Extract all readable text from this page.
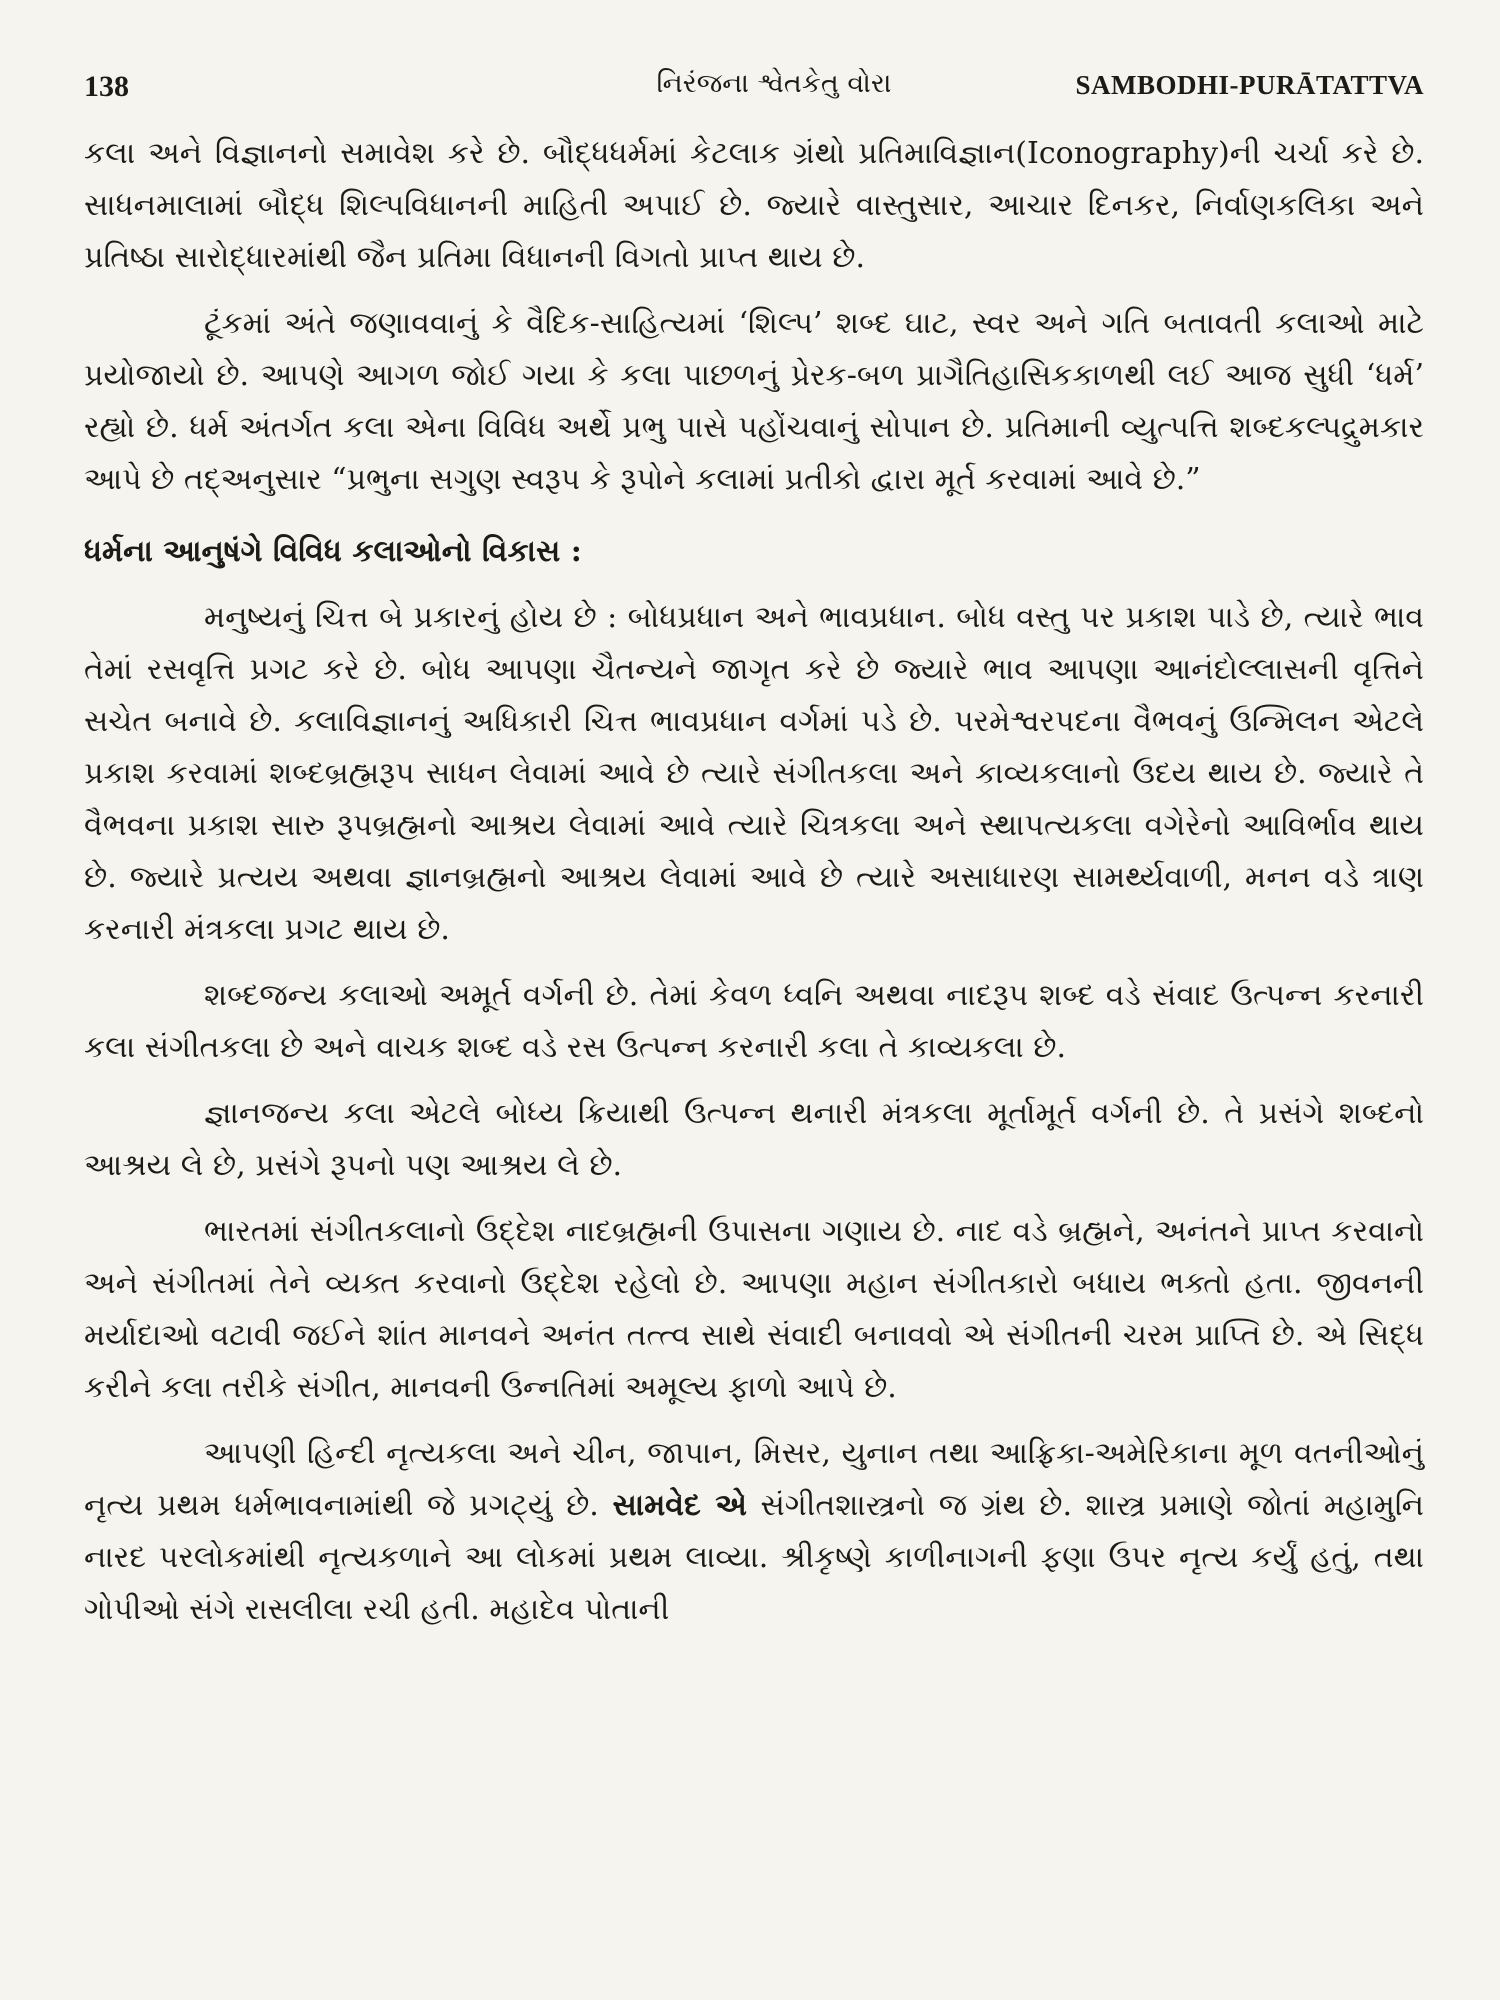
138	નિરંજના શ્વેતકેતુ વોરા	SAMBODHI-PURĀTATTVA

કલા અને વિજ્ઞાનનો સમાવેશ કરે છે. બૌદ્ધધર્મમાં કેટલાક ગ્રંથો પ્રતિમાવિજ્ઞાન(Iconography)ની ચર્ચા કરે છે. સાધનમાલામાં બૌદ્ધ શિલ્પવિધાનની માહિતી અપાઈ છે. જ્યારે વાસ્તુસાર, આચાર દિનકર, નિર્વાણકલિકા અને પ્રતિષ્ઠા સારોદ્ધારમાંથી જૈન પ્રતિમા વિધાનની વિગતો પ્રાપ્ત થાય છે.

ટૂંકમાં અંતે જણાવવાનું કે વૈદિક-સાહિત્યમાં ‘શિલ્પ’ શબ્દ ઘાટ, સ્વર અને ગતિ બતાવતી કલાઓ માટે પ્રયોજાયો છે. આપણે આગળ જોઈ ગયા કે કલા પાછળનું પ્રેરક-બળ પ્રાગૈતિહાસિકકાળથી લઈ આજ સુધી ‘ધર્મ’ રહ્યો છે. ધર્મ અંતર્ગત કલા એના વિવિધ અર્થે પ્રભુ પાસે પહોંચવાનું સોપાન છે. પ્રતિમાની વ્યુત્પત્તિ શબ્દકલ્પદ્રુમકાર આપે છે તદ્અનુસાર “પ્રભુના સગુણ સ્વરૂપ કે રૂપોને કલામાં પ્રતીકો દ્વારા મૂર્ત કરવામાં આવે છે.”

ધર્મના આનુષંગે વિવિધ કલાઓનો વિકાસ :

મનુષ્યનું ચિત્ત બે પ્રકારનું હોય છે : બોધપ્રધાન અને ભાવપ્રધાન. બોધ વસ્તુ પર પ્રકાશ પાડે છે, ત્યારે ભાવ તેમાં રસવૃત્તિ પ્રગટ કરે છે. બોધ આપણા ચૈતન્યને જાગૃત કરે છે જ્યારે ભાવ આપણા આનંદોલ્લાસની વૃત્તિને સચેત બનાવે છે. કલાવિજ્ઞાનનું અધિકારી ચિત્ત ભાવપ્રધાન વર્ગમાં પડે છે. પરમેશ્વરપદના વૈભવનું ઉન્મિલન એટલે પ્રકાશ કરવામાં શબ્દબ્રહ્મરૂપ સાધન લેવામાં આવે છે ત્યારે સંગીતકલા અને કાવ્યકલાનો ઉદય થાય છે. જ્યારે તે વૈભવના પ્રકાશ સારુ રૂપબ્રહ્મનો આશ્રય લેવામાં આવે ત્યારે ચિત્રકલા અને સ્થાપત્યકલા વગેરેનો આવિર્ભાવ થાય છે. જ્યારે પ્રત્યય અથવા જ્ઞાનબ્રહ્મનો આશ્રય લેવામાં આવે છે ત્યારે અસાધારણ સામર્થ્યવાળી, મનન વડે ત્રાણ કરનારી મંત્રકલા પ્રગટ થાય છે.

શબ્દજન્ય કલાઓ અમૂર્ત વર્ગની છે. તેમાં કેવળ ધ્વનિ અથવા નાદરૂપ શબ્દ વડે સંવાદ ઉત્પન્ન કરનારી કલા સંગીતકલા છે અને વાચક શબ્દ વડે રસ ઉત્પન્ન કરનારી કલા તે કાવ્યકલા છે.

જ્ઞાનજન્ય કલા એટલે બોધ્ય ક્રિયાથી ઉત્પન્ન થનારી મંત્રકલા મૂર્તામૂર્ત વર્ગની છે. તે પ્રસંગે શબ્દનો આશ્રય લે છે, પ્રસંગે રૂપનો પણ આશ્રય લે છે.

ભારતમાં સંગીતકલાનો ઉદ્દેશ નાદબ્રહ્મની ઉપાસના ગણાય છે. નાદ વડે બ્રહ્મને, અનંતને પ્રાપ્ત કરવાનો અને સંગીતમાં તેને વ્યક્ત કરવાનો ઉદ્દેશ રહેલો છે. આપણા મહાન સંગીતકારો બધાય ભક્તો હતા. જીવનની મર્યાદાઓ વટાવી જઈને શાંત માનવને અનંત તત્ત્વ સાથે સંવાદી બનાવવો એ સંગીતની ચરમ પ્રાપ્તિ છે. એ સિદ્ધ કરીને કલા તરીકે સંગીત, માનવની ઉન્નતિમાં અમૂલ્ય ફાળો આપે છે.

આપણી હિન્દી નૃત્યકલા અને ચીન, જાપાન, મિસર, યુનાન તથા આફ્રિકા-અમેરિકાના મૂળ વતનીઓનું નૃત્ય પ્રથમ ધર્મભાવનામાંથી જે પ્રગટ્યું છે. સામવેદ એ સંગીતશાસ્ત્રનો જ ગ્રંથ છે. શાસ્ત્ર પ્રમાણે જોતાં મહામુનિ નારદ પરલોકમાંથી નૃત્યકળાને આ લોકમાં પ્રથમ લાવ્યા. શ્રીકૃષ્ણે કાળીનાગની ફણા ઉપર નૃત્ય કર્યું હતું, તથા ગોપીઓ સંગે રાસલીલા રચી હતી. મહાદેવ પોતાની
